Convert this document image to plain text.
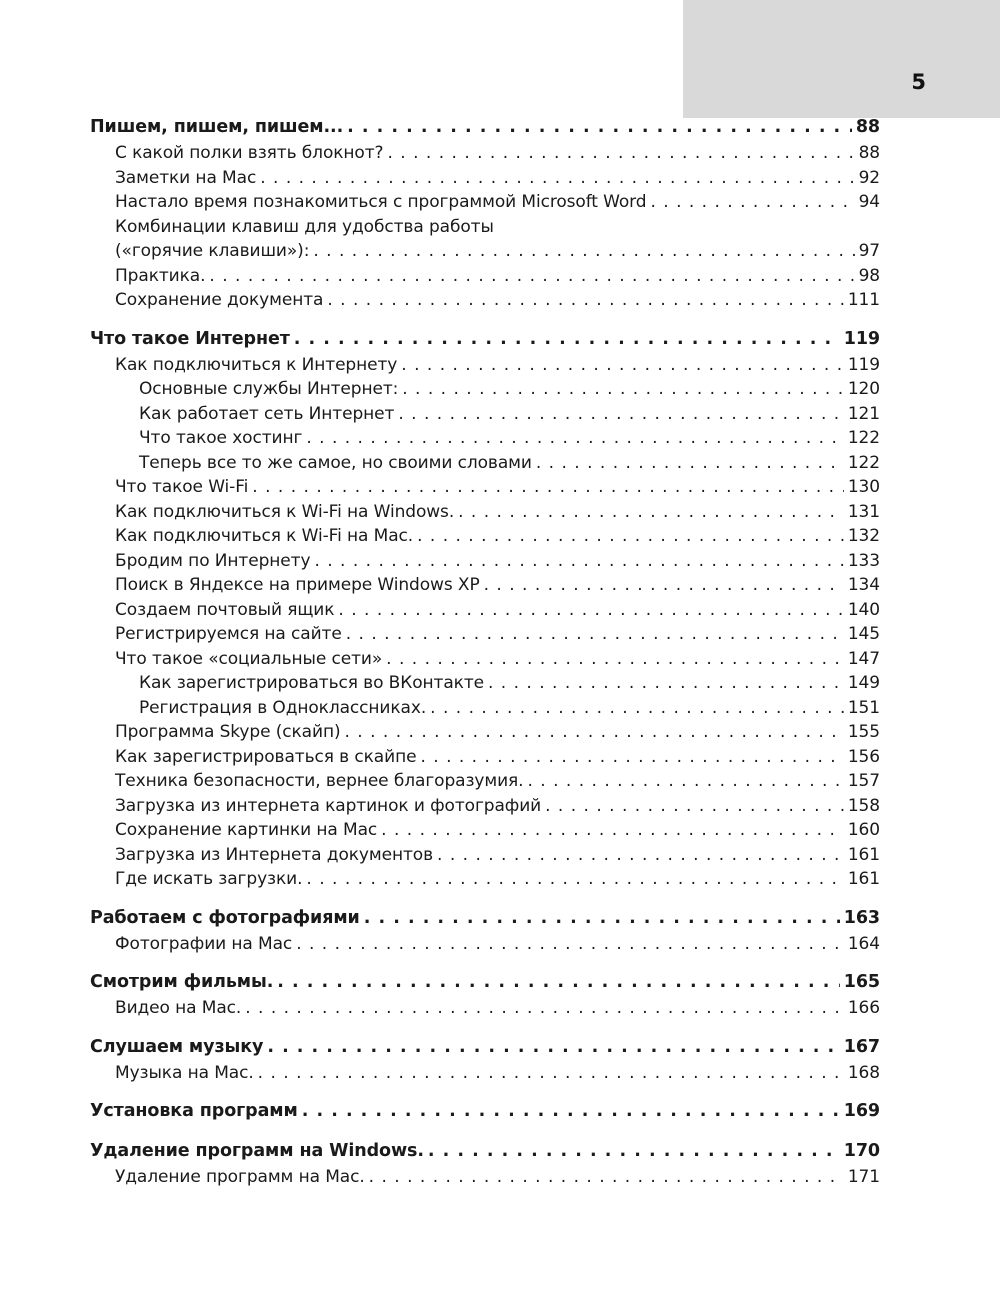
5
Пишем, пишем, пишем... . . .	88
С какой полки взять блокнот? . . .	88
Заметки на Mac . . .	92
Настало время познакомиться с программой Microsoft Word . . .	94
Комбинации клавиш для удобства работы
(«горячие клавиши»): . . .	97
Практика. . . .	98
Сохранение документа . . .	111
Что такое Интернет . . .	119
Как подключиться к Интернету . . .	119
Основные службы Интернет: . . .	120
Как работает сеть Интернет . . .	121
Что такое хостинг . . .	122
Теперь все то же самое, но своими словами . . .	122
Что такое Wi-Fi . . .	130
Как подключиться к Wi-Fi на Windows. . . .	131
Как подключиться к Wi-Fi на Mac. . . .	132
Бродим по Интернету . . .	133
Поиск в Яндексе на примере Windows XP . . .	134
Создаем почтовый ящик . . .	140
Регистрируемся на сайте . . .	145
Что такое «социальные сети» . . .	147
Как зарегистрироваться во ВКонтакте . . .	149
Регистрация в Одноклассниках. . . .	151
Программа Skype (скайп) . . .	155
Как зарегистрироваться в скайпе . . .	156
Техника безопасности, вернее благоразумия. . . .	157
Загрузка из интернета картинок и фотографий . . .	158
Сохранение картинки на Mac . . .	160
Загрузка из Интернета документов . . .	161
Где искать загрузки. . . .	161
Работаем с фотографиями . . .	163
Фотографии на Mac . . .	164
Смотрим фильмы. . . .	165
Видео на Mac. . . .	166
Слушаем музыку . . .	167
Музыка на Mac. . . .	168
Установка программ . . .	169
Удаление программ на Windows. . . .	170
Удаление программ на Mac. . . .	171
